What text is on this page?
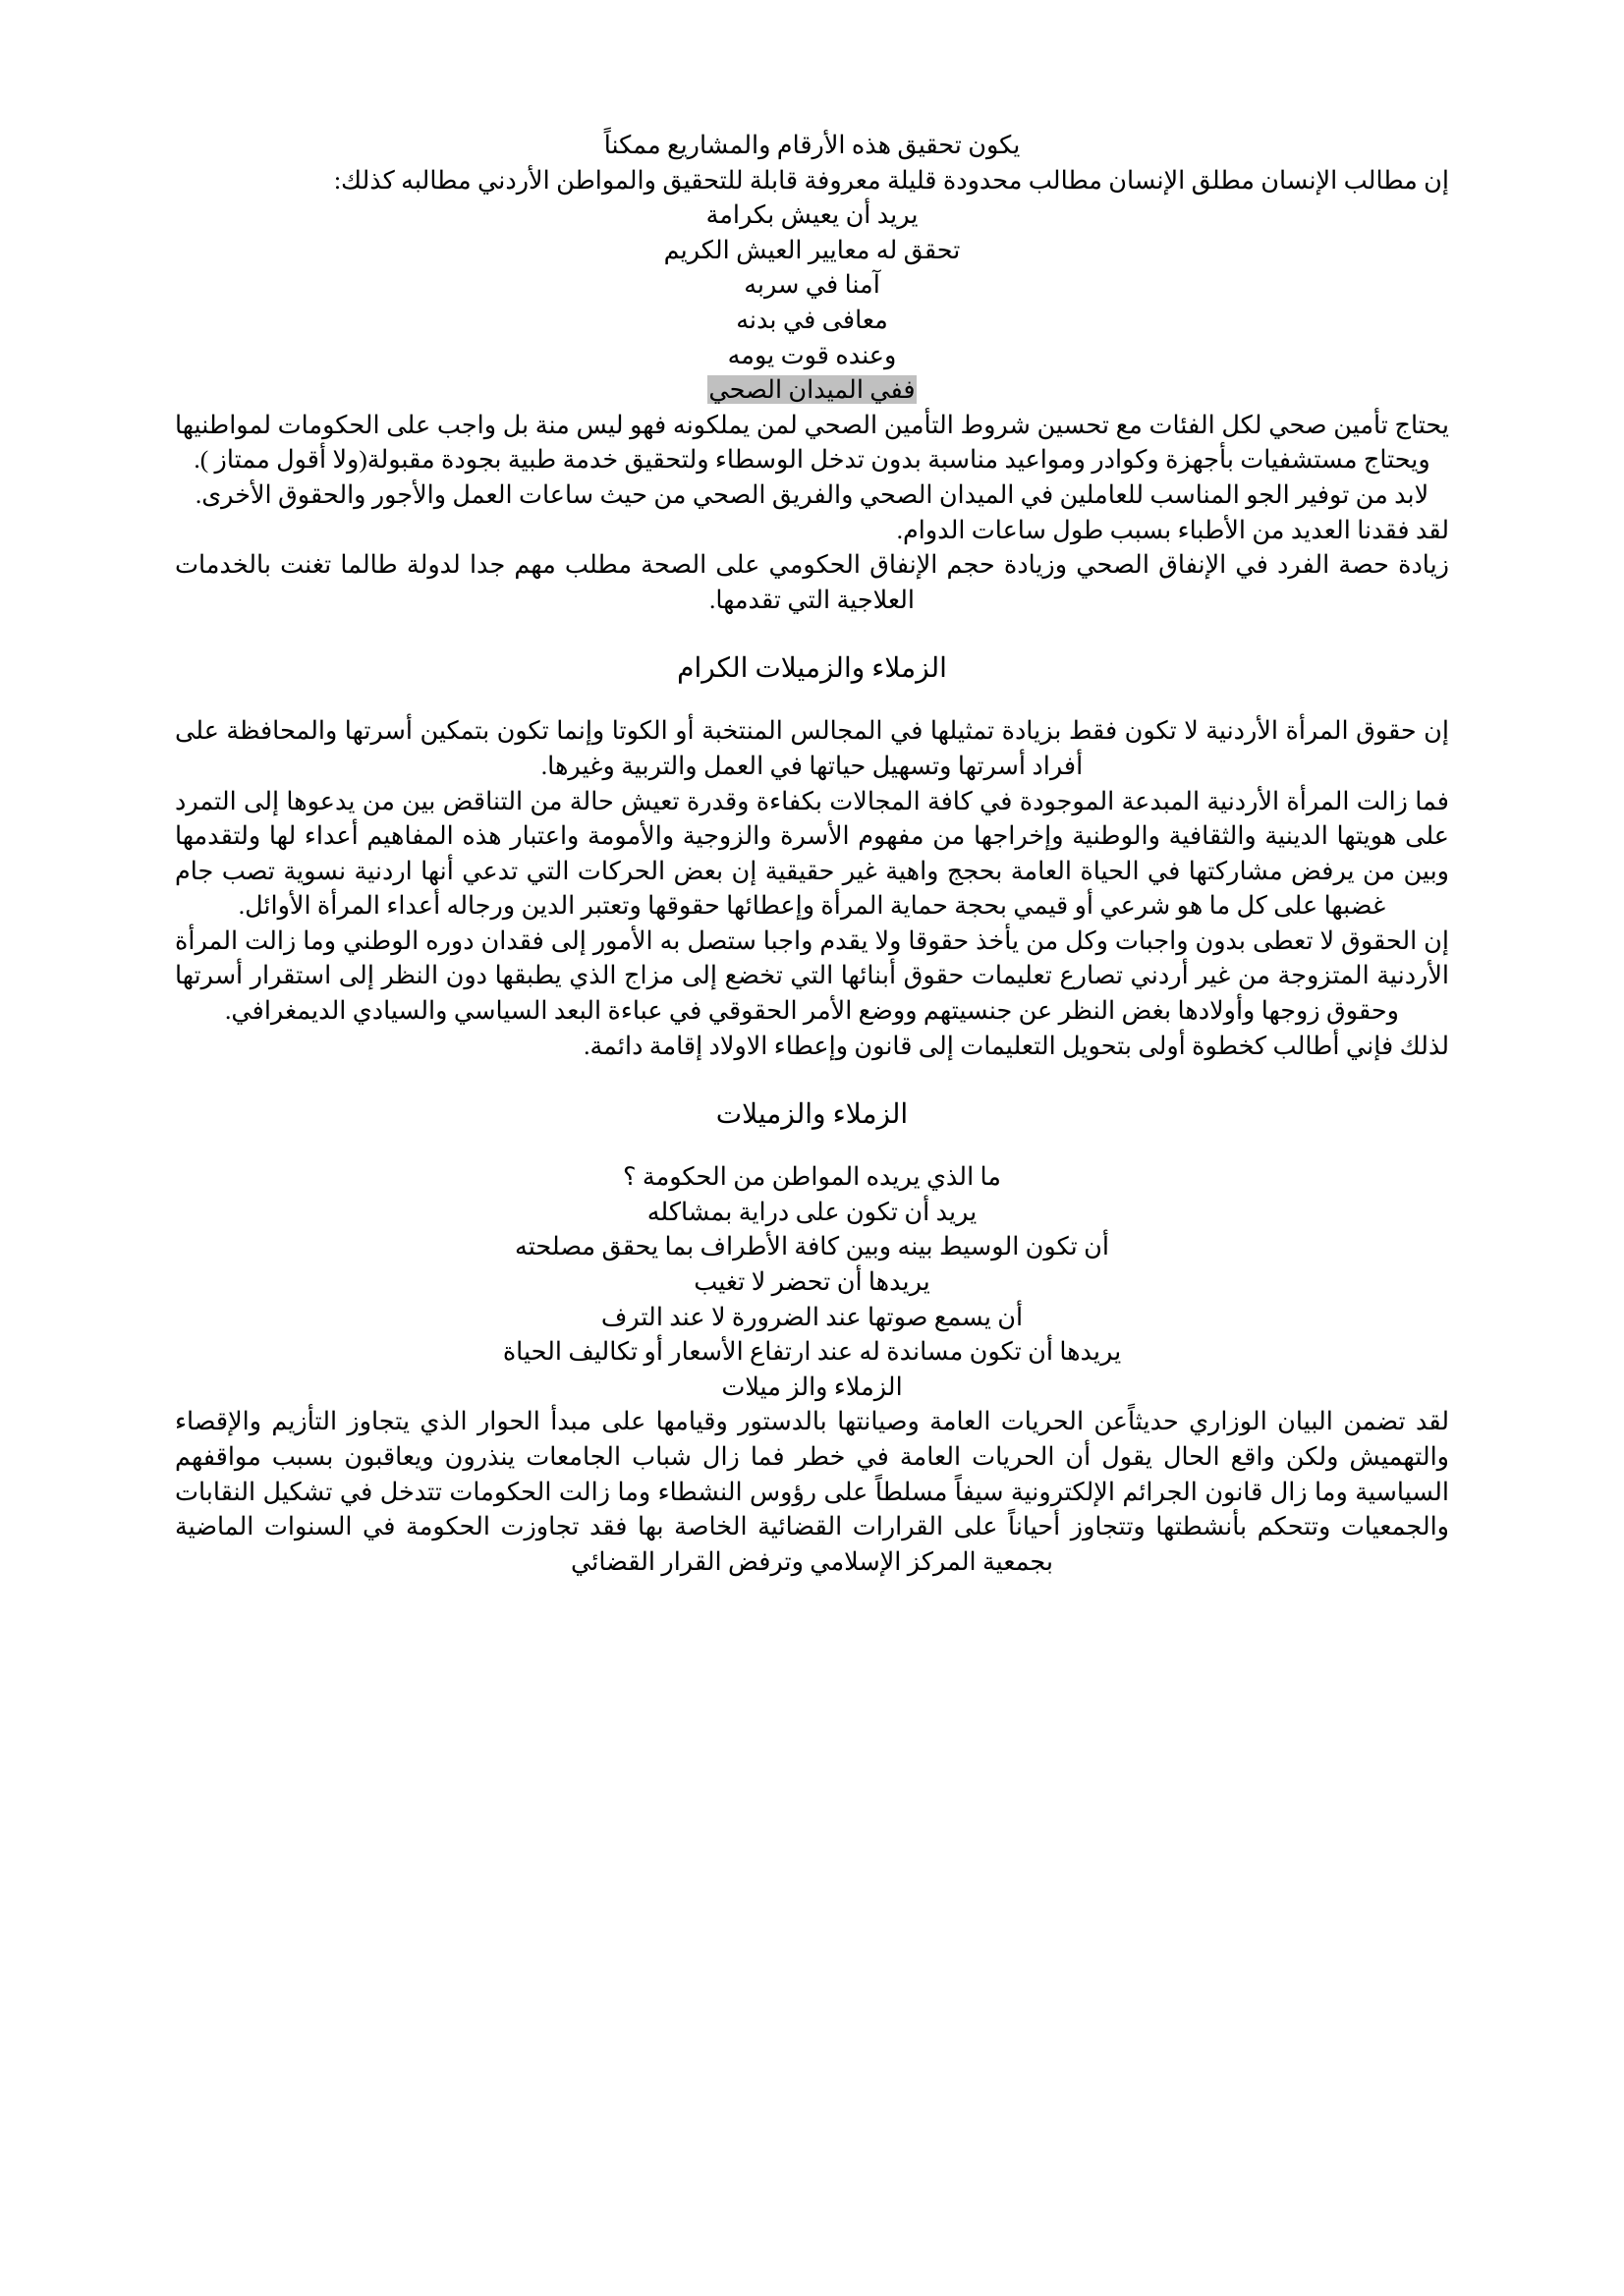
يكون تحقيق هذه الأرقام والمشاريع ممكناً

إن مطالب الإنسان مطلق الإنسان مطالب محدودة قليلة معروفة قابلة للتحقيق والمواطن الأردني مطالبه كذلك:

يريد أن يعيش بكرامة
تحقق له معايير العيش الكريم
آمنا في سربه
معافى في بدنه
وعنده قوت يومه
ففي الميدان الصحي

يحتاج تأمين صحي لكل الفئات مع تحسين شروط التأمين الصحي لمن يملكونه فهو ليس منة بل واجب على الحكومات لمواطنيها ويحتاج مستشفيات بأجهزة وكوادر ومواعيد مناسبة بدون تدخل الوسطاء ولتحقيق خدمة طبية بجودة مقبولة(ولا أقول ممتاز ).

لابد من توفير الجو المناسب للعاملين في الميدان الصحي والفريق الصحي من حيث ساعات العمل والأجور والحقوق الأخرى.

لقد فقدنا العديد من الأطباء بسبب طول ساعات الدوام.

زيادة حصة الفرد في الإنفاق الصحي وزيادة حجم الإنفاق الحكومي على الصحة مطلب مهم جدا لدولة طالما تغنت بالخدمات العلاجية التي تقدمها.

الزملاء والزميلات الكرام

إن حقوق المرأة الأردنية لا تكون فقط بزيادة تمثيلها في المجالس المنتخبة أو الكوتا وإنما تكون بتمكين أسرتها والمحافظة على أفراد أسرتها وتسهيل حياتها في العمل والتربية وغيرها.

فما زالت المرأة الأردنية المبدعة الموجودة في كافة المجالات بكفاءة وقدرة تعيش حالة من التناقض بين من يدعوها إلى التمرد على هويتها الدينية والثقافية والوطنية وإخراجها من مفهوم الأسرة والزوجية والأمومة واعتبار هذه المفاهيم أعداء لها ولتقدمها وبين من يرفض مشاركتها في الحياة العامة بحجج واهية غير حقيقية إن بعض الحركات التي تدعي أنها اردنية نسوية تصب جام غضبها على كل ما هو شرعي أو قيمي بحجة حماية المرأة وإعطائها حقوقها وتعتبر الدين ورجاله أعداء المرأة الأوائل.

إن الحقوق لا تعطى بدون واجبات وكل من يأخذ حقوقا ولا يقدم واجبا ستصل به الأمور إلى فقدان دوره الوطني وما زالت المرأة الأردنية المتزوجة من غير أردني تصارع تعليمات حقوق أبنائها التي تخضع إلى مزاج الذي يطبقها دون النظر إلى استقرار أسرتها وحقوق زوجها وأولادها بغض النظر عن جنسيتهم ووضع الأمر الحقوقي في عباءة البعد السياسي والسيادي الديمغرافي.

لذلك فإني أطالب كخطوة أولى بتحويل التعليمات إلى قانون وإعطاء الاولاد إقامة دائمة.

الزملاء والزميلات

ما الذي يريده المواطن من الحكومة ؟
يريد أن تكون على دراية بمشاكله
أن تكون الوسيط بينه وبين كافة الأطراف بما يحقق مصلحته
يريدها أن تحضر لا تغيب
أن يسمع صوتها عند الضرورة لا عند الترف
يريدها أن تكون مساندة له عند ارتفاع الأسعار أو تكاليف الحياة
الزملاء والز ميلات

لقد تضمن البيان الوزاري حديثاًعن الحريات العامة وصيانتها بالدستور وقيامها على مبدأ الحوار الذي يتجاوز التأزيم والإقصاء والتهميش ولكن واقع الحال يقول أن الحريات العامة في خطر فما زال شباب الجامعات ينذرون ويعاقبون بسبب مواقفهم السياسية وما زال قانون الجرائم الإلكترونية سيفاً مسلطاً على رؤوس النشطاء وما زالت الحكومات تتدخل في تشكيل النقابات والجمعيات وتتحكم بأنشطتها وتتجاوز أحياناً على القرارات القضائية الخاصة بها فقد تجاوزت الحكومة في السنوات الماضية بجمعية المركز الإسلامي وترفض القرار القضائي
